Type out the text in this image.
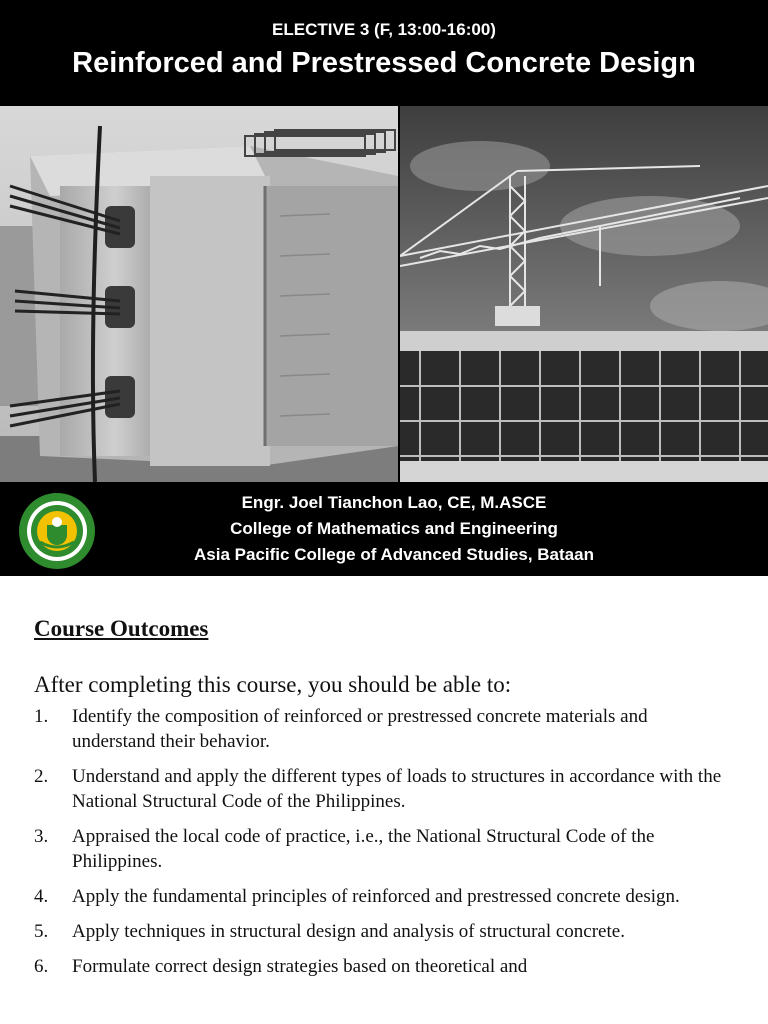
ELECTIVE 3 (F, 13:00-16:00)
Reinforced and Prestressed Concrete Design
Engr. Joel Tianchon Lao, CE, M.ASCE
College of Mathematics and Engineering
Asia Pacific College of Advanced Studies, Bataan
Course Outcomes
After completing this course, you should be able to:
1.	Identify the composition of reinforced or prestressed concrete materials and understand their behavior.
2.	Understand and apply the different types of loads to structures in accordance with the National Structural Code of the Philippines.
3.	Appraised the local code of practice, i.e., the National Structural Code of the Philippines.
4.	Apply the fundamental principles of reinforced and prestressed concrete design.
5.	Apply techniques in structural design and analysis of structural concrete.
6.	Formulate correct design strategies based on theoretical and
